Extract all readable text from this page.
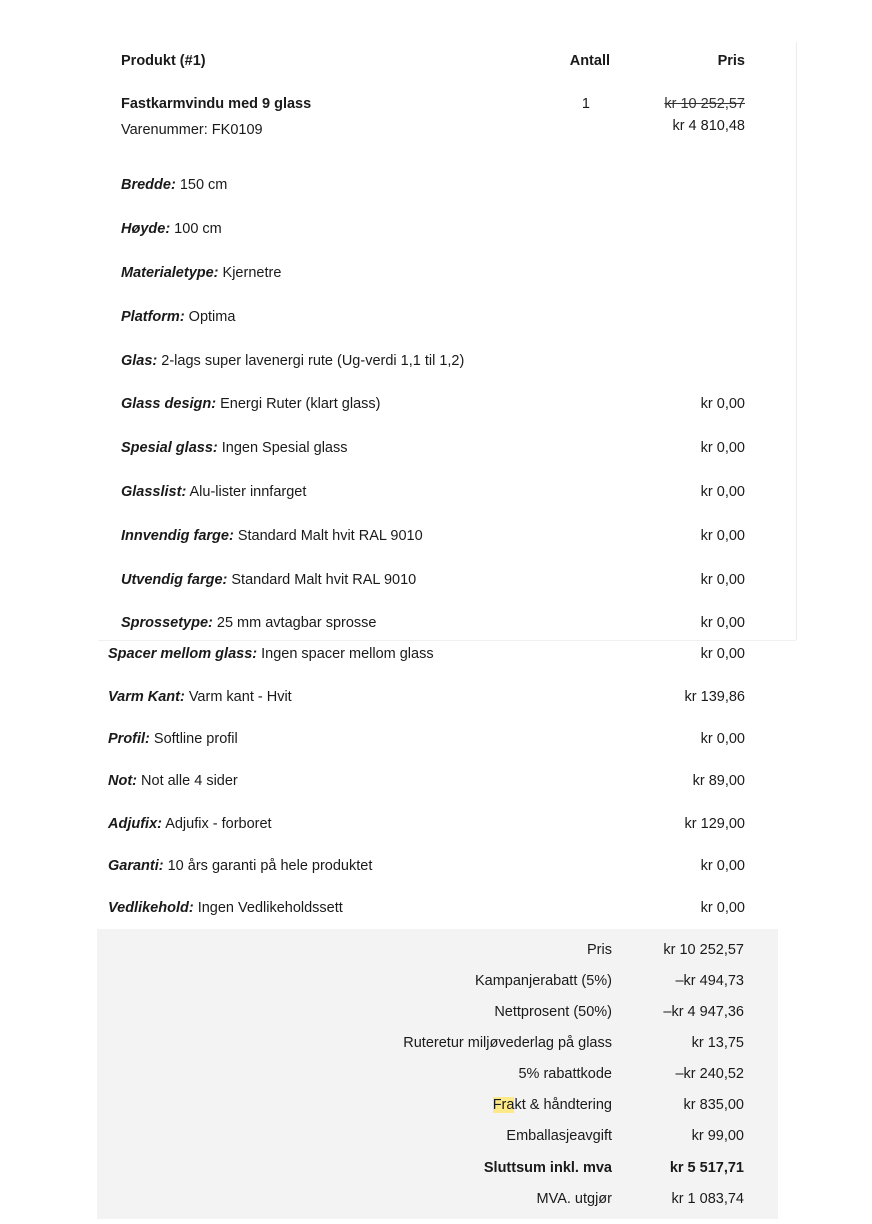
Produkt (#1)	Antall	Pris
Fastkarmvindu med 9 glass
Varenummer: FK0109
1	kr 10 252,57
kr 4 810,48
Bredde: 150 cm
Høyde: 100 cm
Materialetype: Kjernetre
Platform: Optima
Glas: 2-lags super lavenergi rute (Ug-verdi 1,1 til 1,2)
Glass design: Energi Ruter (klart glass)	kr 0,00
Spesial glass: Ingen Spesial glass	kr 0,00
Glasslist: Alu-lister innfarget	kr 0,00
Innvendig farge: Standard Malt hvit RAL 9010	kr 0,00
Utvendig farge: Standard Malt hvit RAL 9010	kr 0,00
Sprossetype: 25 mm avtagbar sprosse	kr 0,00
Spacer mellom glass: Ingen spacer mellom glass	kr 0,00
Varm Kant: Varm kant - Hvit	kr 139,86
Profil: Softline profil	kr 0,00
Not: Not alle 4 sider	kr 89,00
Adjufix: Adjufix - forboret	kr 129,00
Garanti: 10 års garanti på hele produktet	kr 0,00
Vedlikehold: Ingen Vedlikeholdssett	kr 0,00
Pris	kr 10 252,57
Kampanjerabatt (5%)	–kr 494,73
Nettprosent (50%)	–kr 4 947,36
Ruteretur miljøvederlag på glass	kr 13,75
5% rabattkode	–kr 240,52
Frakt & håndtering	kr 835,00
Emballasjeavgift	kr 99,00
Sluttsum inkl. mva	kr 5 517,71
MVA. utgjør	kr 1 083,74
